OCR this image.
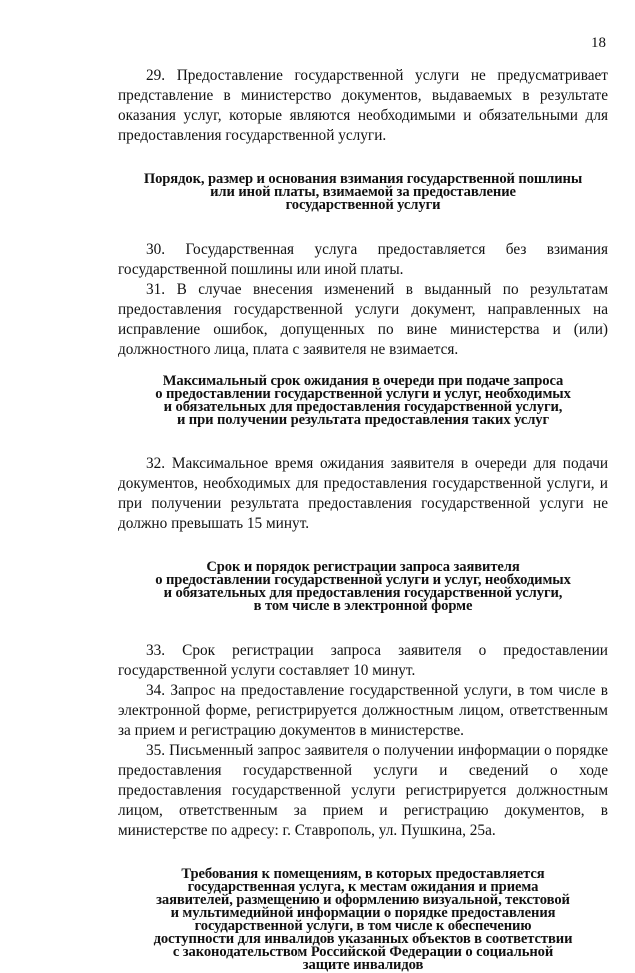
18

29. Предоставление государственной услуги не предусматривает представление в министерство документов, выдаваемых в результате оказания услуг, которые являются необходимыми и обязательными для предоставления государственной услуги.

Порядок, размер и основания взимания государственной пошлины
или иной платы, взимаемой за предоставление
государственной услуги

30. Государственная услуга предоставляется без взимания государственной пошлины или иной платы.

31. В случае внесения изменений в выданный по результатам предоставления государственной услуги документ, направленных на исправление ошибок, допущенных по вине министерства и (или) должностного лица, плата с заявителя не взимается.

Максимальный срок ожидания в очереди при подаче запроса
о предоставлении государственной услуги и услуг, необходимых
и обязательных для предоставления государственной услуги,
и при получении результата предоставления таких услуг

32. Максимальное время ожидания заявителя в очереди для подачи документов, необходимых для предоставления государственной услуги, и при получении результата предоставления государственной услуги не должно превышать 15 минут.

Срок и порядок регистрации запроса заявителя
о предоставлении государственной услуги и услуг, необходимых
и обязательных для предоставления государственной услуги,
в том числе в электронной форме

33. Срок регистрации запроса заявителя о предоставлении государственной услуги составляет 10 минут.

34. Запрос на предоставление государственной услуги, в том числе в электронной форме, регистрируется должностным лицом, ответственным за прием и регистрацию документов в министерстве.

35. Письменный запрос заявителя о получении информации о порядке предоставления государственной услуги и сведений о ходе предоставления государственной услуги регистрируется должностным лицом, ответственным за прием и регистрацию документов, в министерстве по адресу: г. Ставрополь, ул. Пушкина, 25а.

Требования к помещениям, в которых предоставляется
государственная услуга, к местам ожидания и приема
заявителей, размещению и оформлению визуальной, текстовой
и мультимедийной информации о порядке предоставления
государственной услуги, в том числе к обеспечению
доступности для инвалидов указанных объектов в соответствии
с законодательством Российской Федерации о социальной
защите инвалидов
